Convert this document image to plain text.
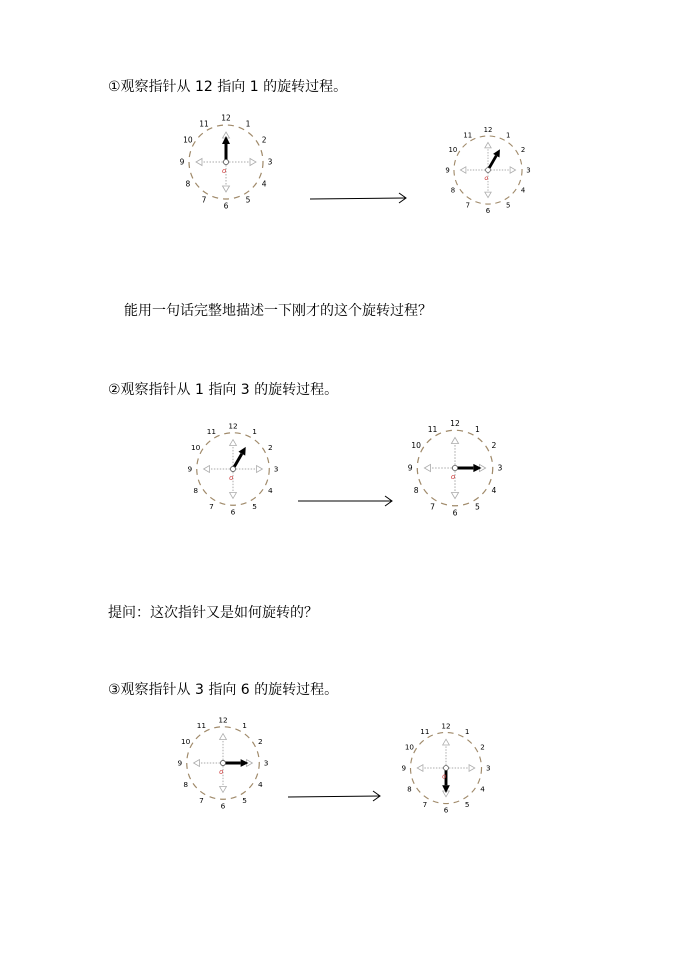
①观察指针从 12 指向 1 的旋转过程。
12
1
2
3
4
5
6
7
8
9
10
11
o
12
1
2
3
4
5
6
7
8
9
10
11
o
能用一句话完整地描述一下刚才的这个旋转过程？
②观察指针从 1 指向 3 的旋转过程。
12
1
2
3
4
5
6
7
8
9
10
11
o
12
1
2
3
4
5
6
7
8
9
10
11
o
提问：这次指针又是如何旋转的？
③观察指针从 3 指向 6 的旋转过程。
12
1
2
3
4
5
6
7
8
9
10
11
o
12
1
2
3
4
5
6
7
8
9
10
11
o
